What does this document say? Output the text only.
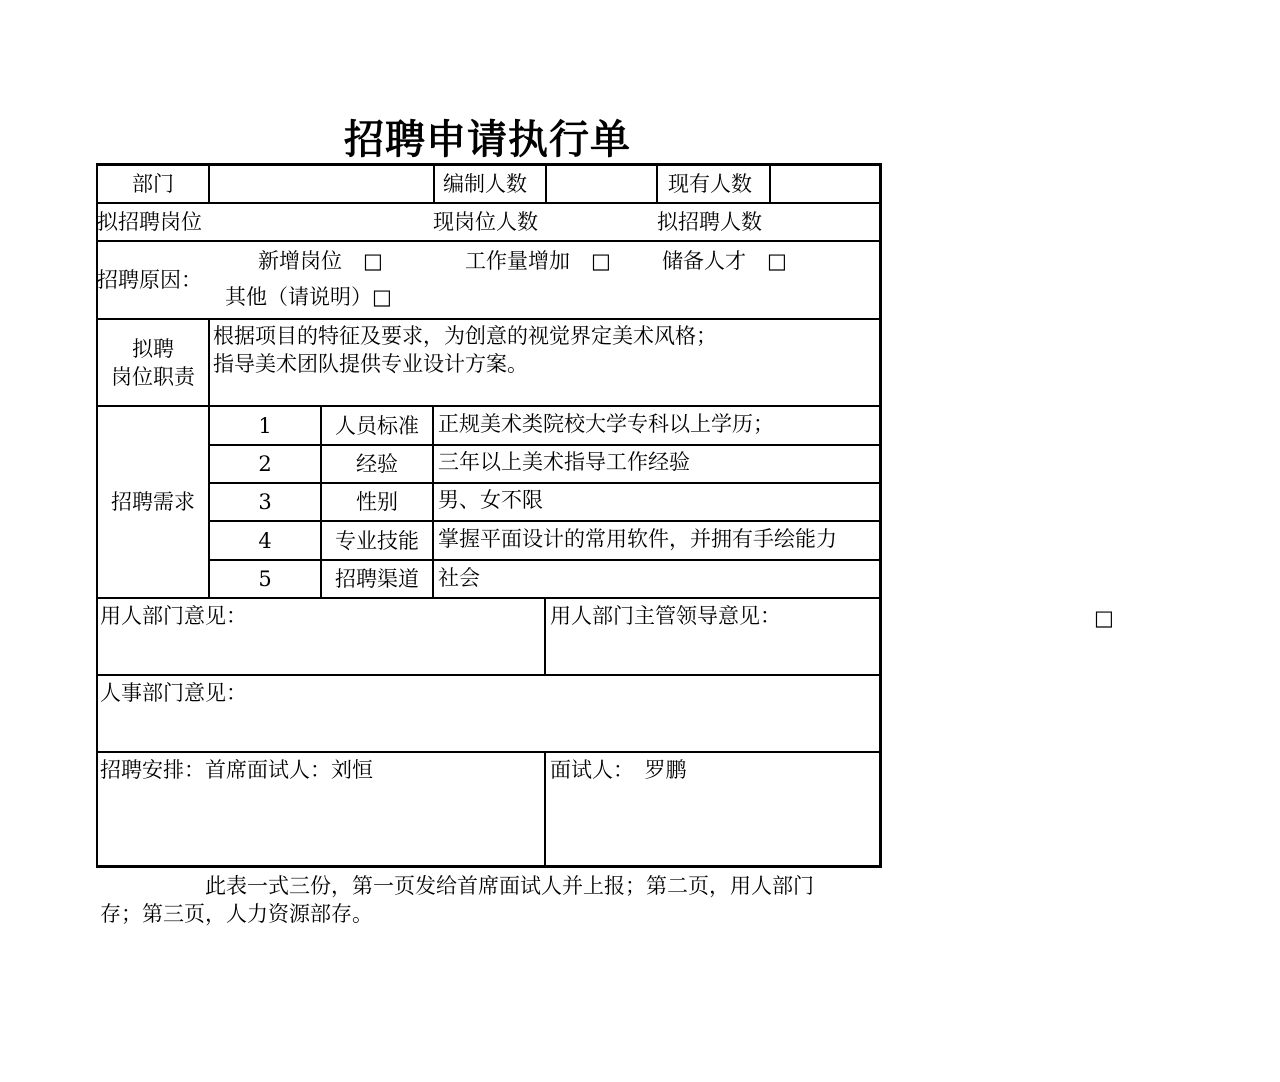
招聘申请执行单
部门	编制人数	现有人数
拟招聘岗位	现岗位人数	拟招聘人数
招聘原因：
新增岗位　 □	工作量增加　 □ 储备人才　 □
其他（请说明）□
拟聘
岗位职责
根据项目的特征及要求，为创意的视觉界定美术风格；
指导美术团队提供专业设计方案。
招聘需求
1	人员标准 正规美术类院校大学专科以上学历；
2	经验 三年以上美术指导工作经验
3	性别 男、女不限
4	专业技能 掌握平面设计的常用软件，并拥有手绘能力
5	招聘渠道 社会
用人部门意见：	用人部门主管领导意见：	□
人事部门意见：
招聘安排：首席面试人：刘恒	面试人：　罗鹏
　　　　　此表一式三份，第一页发给首席面试人并上报；第二页，用人部门
存；第三页，人力资源部存。
